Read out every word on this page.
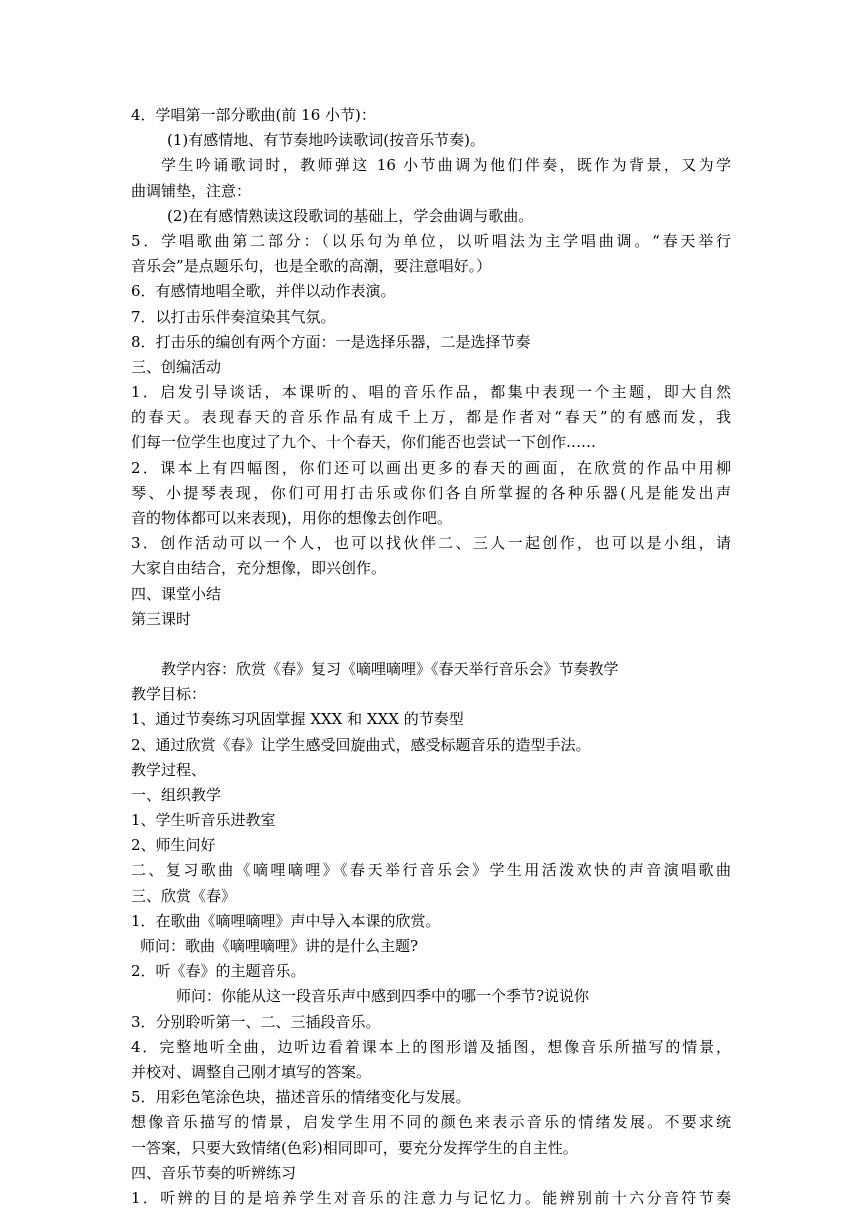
4．学唱第一部分歌曲(前 16 小节)：
(1)有感情地、有节奏地吟读歌词(按音乐节奏)。
学生吟诵歌词时，教师弹这 16 小节曲调为他们伴奏，既作为背景，又为学
曲调铺垫，注意：
(2)在有感情熟读这段歌词的基础上，学会曲调与歌曲。
5．学唱歌曲第二部分：（以乐句为单位，以听唱法为主学唱曲调。“春天举行
音乐会”是点题乐句，也是全歌的高潮，要注意唱好。）
6．有感情地唱全歌，并伴以动作表演。
7．以打击乐伴奏渲染其气氛。
8．打击乐的编创有两个方面：一是选择乐器，二是选择节奏
三、创编活动
1．启发引导谈话，本课听的、唱的音乐作品，都集中表现一个主题，即大自然
的春天。表现春天的音乐作品有成千上万，都是作者对“春天”的有感而发，我
们每一位学生也度过了九个、十个春天，你们能否也尝试一下创作……
2．课本上有四幅图，你们还可以画出更多的春天的画面，在欣赏的作品中用柳
琴、小提琴表现，你们可用打击乐或你们各自所掌握的各种乐器(凡是能发出声
音的物体都可以来表现)，用你的想像去创作吧。
3．创作活动可以一个人，也可以找伙伴二、三人一起创作，也可以是小组，请
大家自由结合，充分想像，即兴创作。
四、课堂小结
第三课时
教学内容：欣赏《春》复习《嘀哩嘀哩》《春天举行音乐会》节奏教学
教学目标：
1、通过节奏练习巩固掌握 XXX 和 XXX 的节奏型
2、通过欣赏《春》让学生感受回旋曲式，感受标题音乐的造型手法。
教学过程、
一、组织教学
1、学生听音乐进教室
2、师生问好
二、复习歌曲《嘀哩嘀哩》《春天举行音乐会》学生用活泼欢快的声音演唱歌曲
三、欣赏《春》
1．在歌曲《嘀哩嘀哩》声中导入本课的欣赏。
师问：歌曲《嘀哩嘀哩》讲的是什么主题?
2．听《春》的主题音乐。
师问：你能从这一段音乐声中感到四季中的哪一个季节?说说你
3．分别聆听第一、二、三插段音乐。
4．完整地听全曲，边听边看着课本上的图形谱及插图，想像音乐所描写的情景，
并校对、调整自己刚才填写的答案。
5．用彩色笔涂色块，描述音乐的情绪变化与发展。
想像音乐描写的情景，启发学生用不同的颜色来表示音乐的情绪发展。不要求统
一答案，只要大致情绪(色彩)相同即可，要充分发挥学生的自主性。
四、音乐节奏的听辨练习
1．听辨的目的是培养学生对音乐的注意力与记忆力。能辨别前十六分音符节奏
